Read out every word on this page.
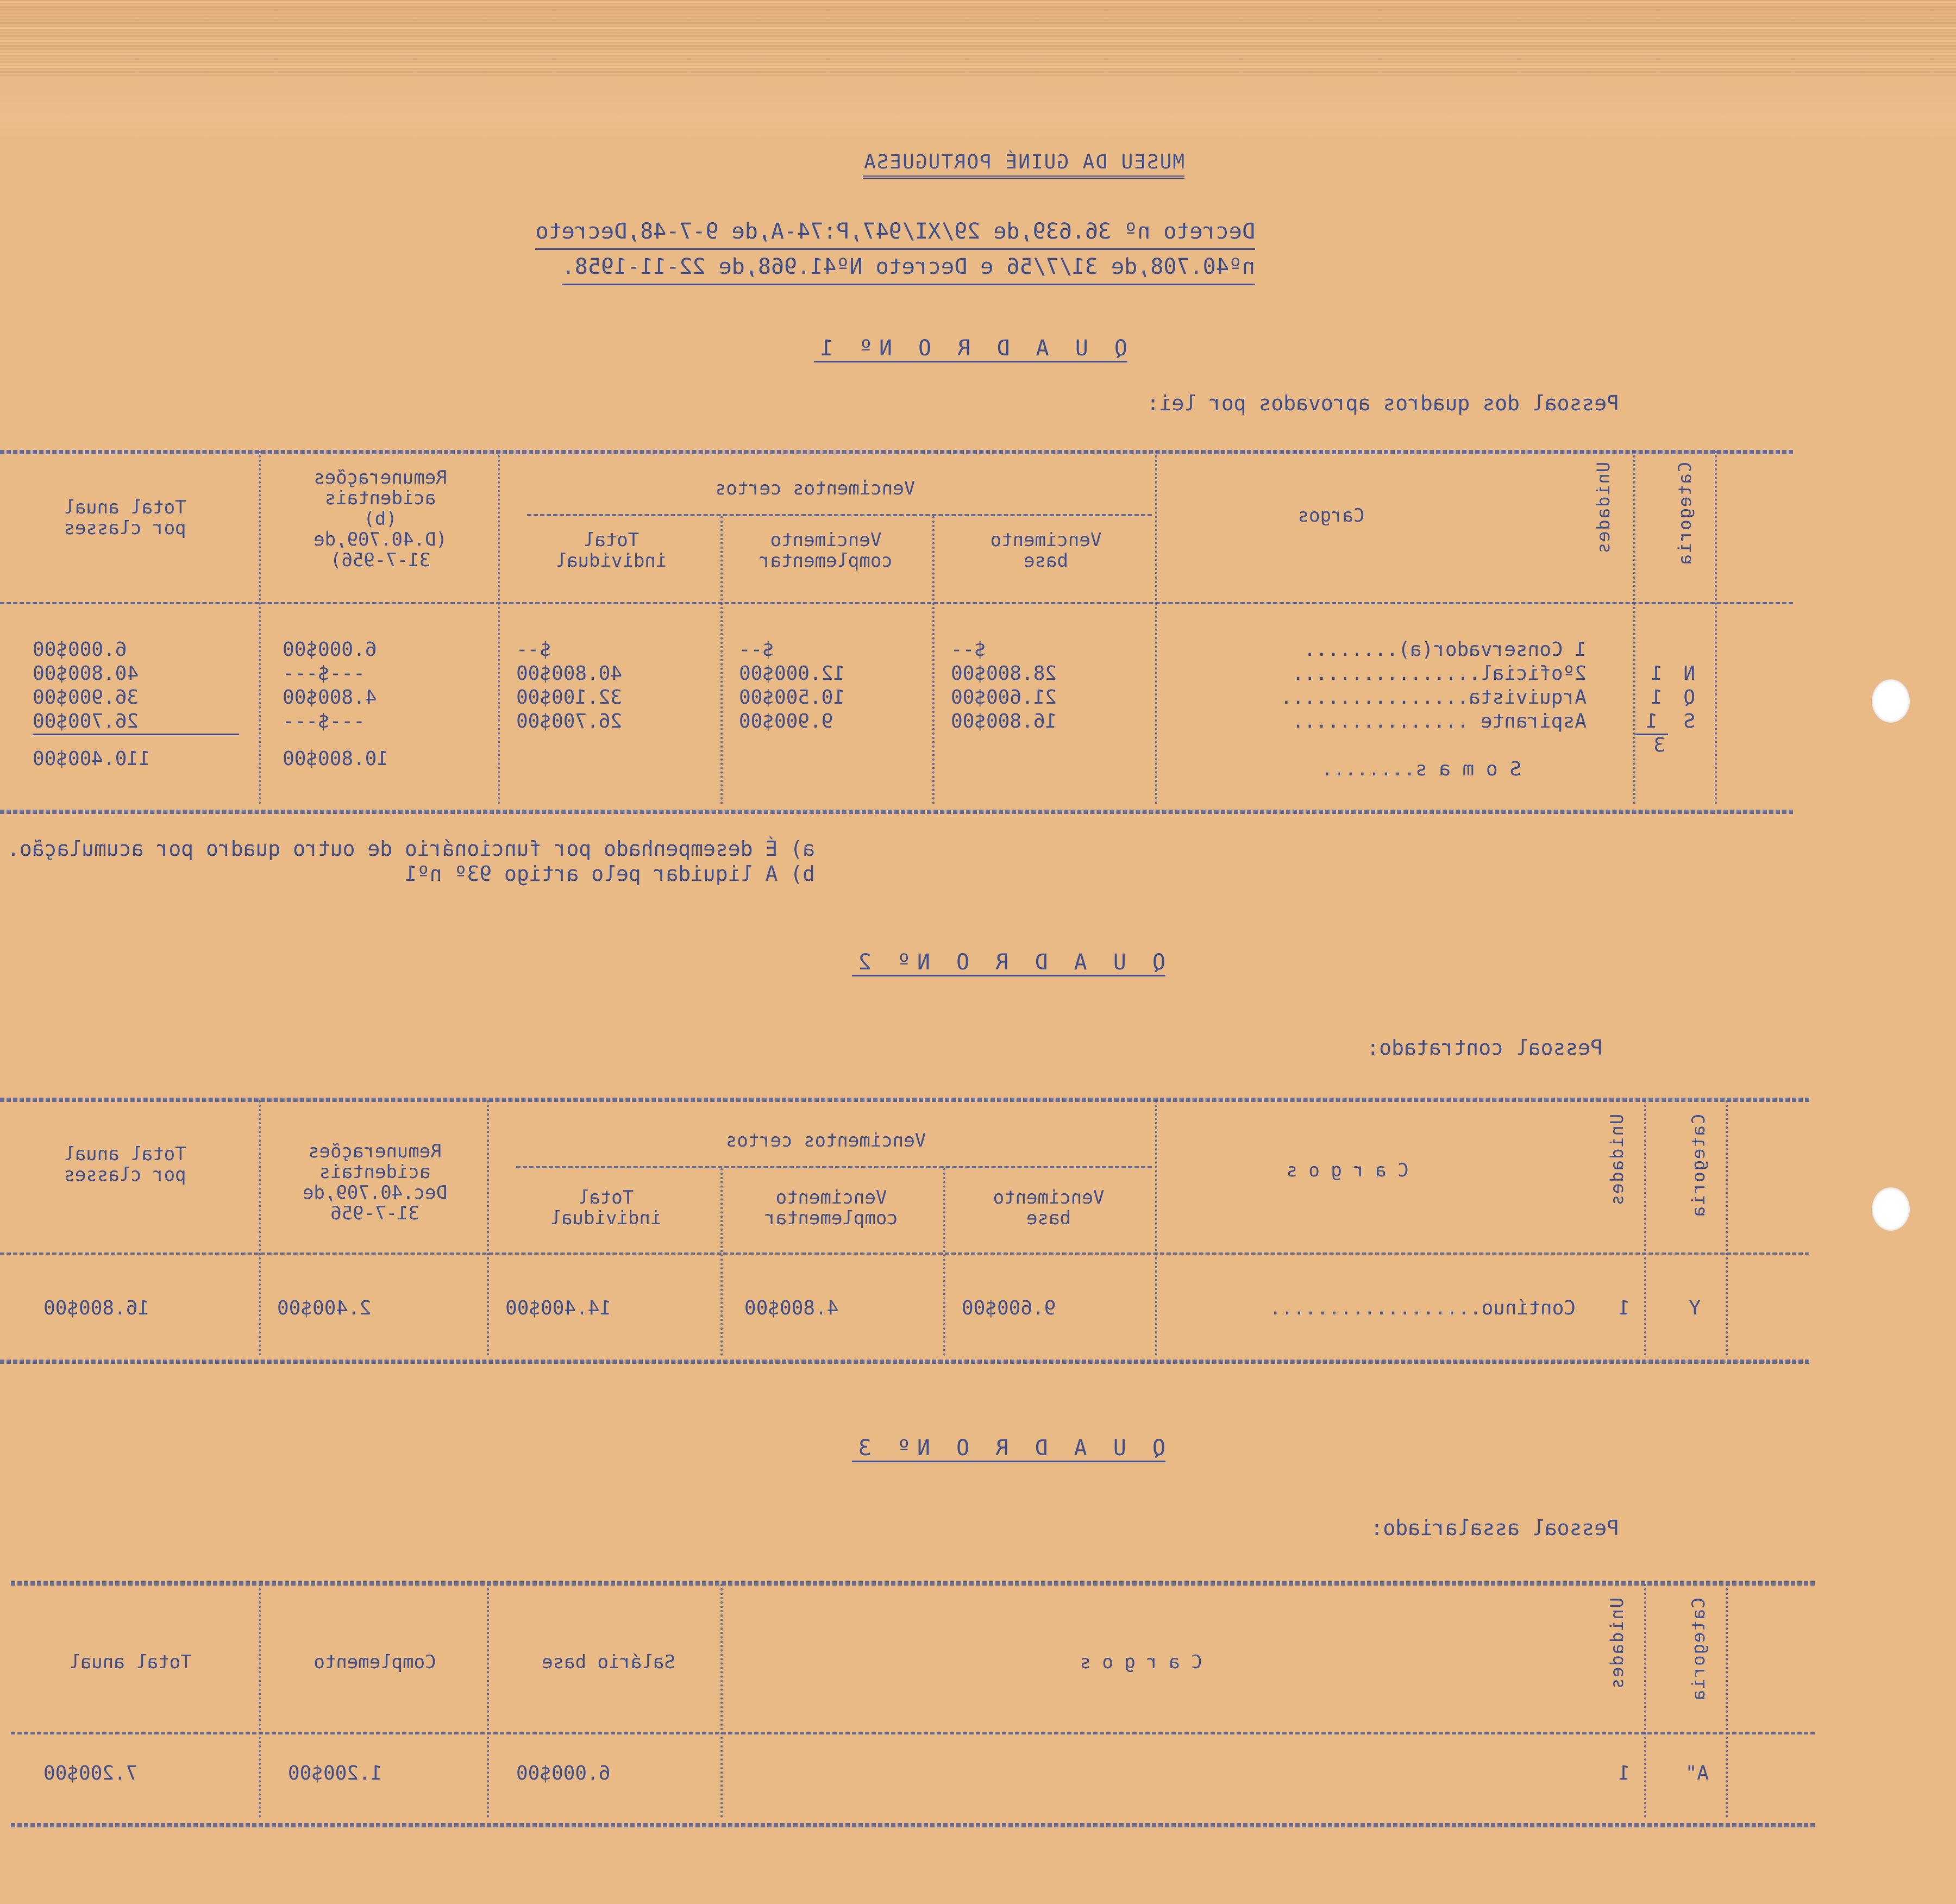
MUSEU DA GUINÉ PORTUGUESA
Decreto nº 36.639,de 29/XI/947,P:74-A,de 9-7-48,Decreto
nº40.708,de 31/7/56 e Decreto Nº41.968,de 22-11-1958.
Q U A D R O Nº 1
Pessoal dos quadros aprovados por lei:
Categoria
Unidades
Cargos
Vencimentos certos
Vencimento
base
Vencimento
complementar
Total
individual
Remunerações
acidentais
(b)
(D.40.709,de
31-7-956)
Total anual
por classes
N
Q
S
1
1
1
3
1 Conservador(a)........
2ºoficial................
Arquivista................
Aspirante ...............
S o m a s........
$--
28.800$00
21.600$00
16.800$00
$--
12.000$00
10.500$00
9.900$00
$--
40.800$00
32.100$00
26.700$00
6.000$00
---$---
4.800$00
---$---
10.800$00
6.000$00
40.800$00
36.900$00
26.700$00
110.400$00
a) É desempenhado por funcionário de outro quadro por acumulação.
b) A liquidar pelo artigo 93º nº1
Q U A D R O Nº 2
Pessoal contratado:
Categoria
Unidades
C a r g o s
Vencimentos certos
Vencimento
base
Vencimento
complementar
Total
individual
Remunerações
acidentais
Dec.40.709,de
31-7-956
Total anual
por classes
Y
1
Contínuo..................
9.600$00
4.800$00
14.400$00
2.400$00
16.800$00
Q U A D R O Nº 3
Pessoal assalariado:
Categoria
Unidades
C a r g o s
Salário base
Complemento
Total anual
A"
1
6.000$00
1.200$00
7.200$00
